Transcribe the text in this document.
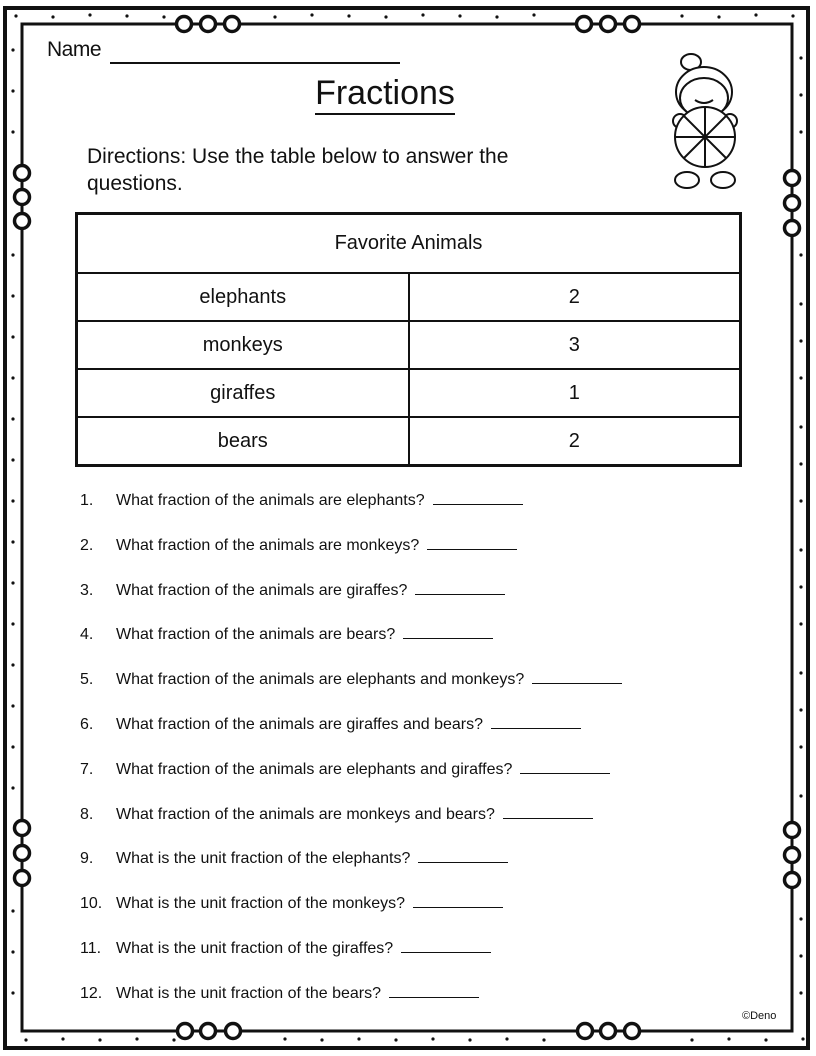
Name
Fractions
Directions: Use the table below to answer the questions.
Favorite Animals	
elephants	2
monkeys	3
giraffes	1
bears	2
1. What fraction of the animals are elephants?
2. What fraction of the animals are monkeys?
3. What fraction of the animals are giraffes?
4. What fraction of the animals are bears?
5. What fraction of the animals are elephants and monkeys?
6. What fraction of the animals are giraffes and bears?
7. What fraction of the animals are elephants and giraffes?
8. What fraction of the animals are monkeys and bears?
9. What is the unit fraction of the elephants?
10. What is the unit fraction of the monkeys?
11. What is the unit fraction of the giraffes?
12. What is the unit fraction of the bears?
©Deno
